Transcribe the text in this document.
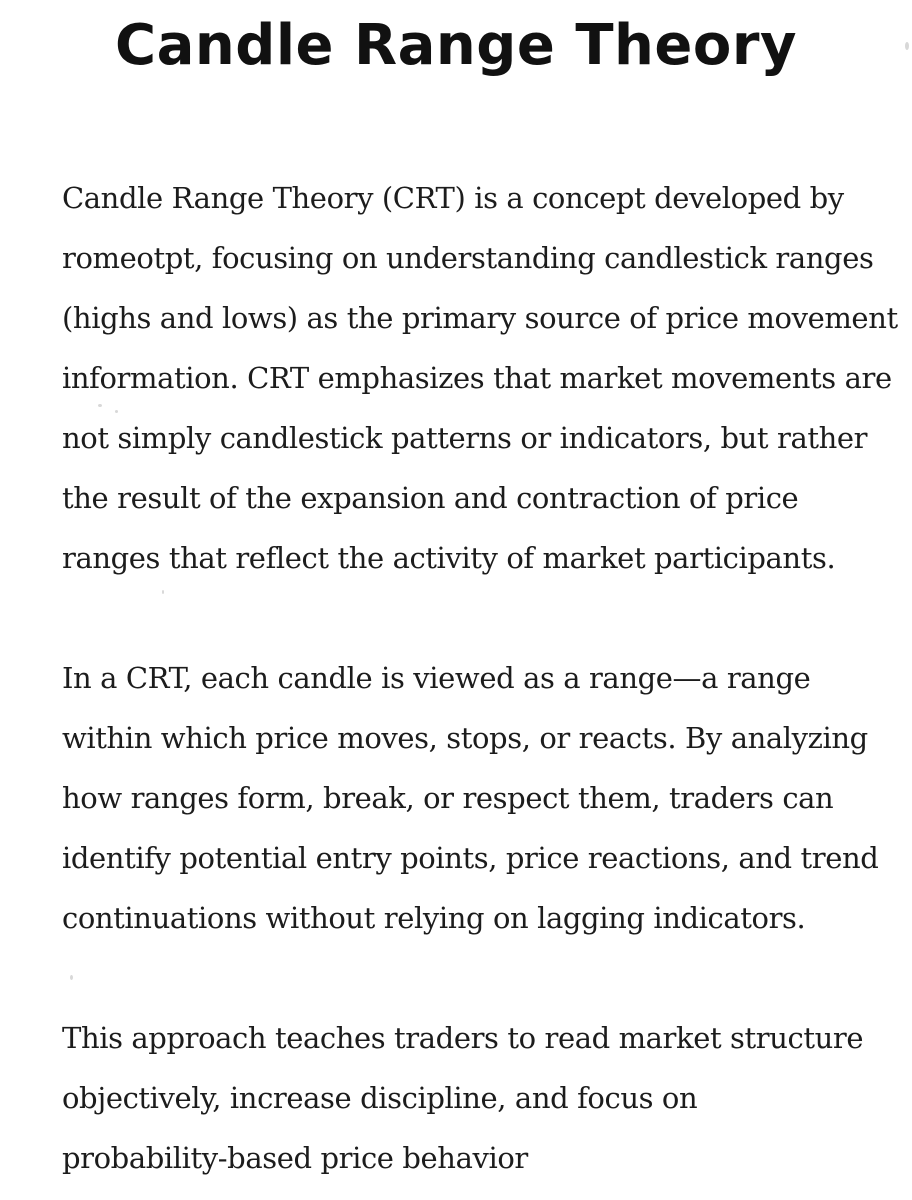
Candle Range Theory
Candle Range Theory (CRT) is a concept developed by
romeotpt, focusing on understanding candlestick ranges
(highs and lows) as the primary source of price movement
information. CRT emphasizes that market movements are
not simply candlestick patterns or indicators, but rather
the result of the expansion and contraction of price
ranges that reflect the activity of market participants.
In a CRT, each candle is viewed as a range—a range
within which price moves, stops, or reacts. By analyzing
how ranges form, break, or respect them, traders can
identify potential entry points, price reactions, and trend
continuations without relying on lagging indicators.
This approach teaches traders to read market structure
objectively, increase discipline, and focus on
probability-based price behavior
